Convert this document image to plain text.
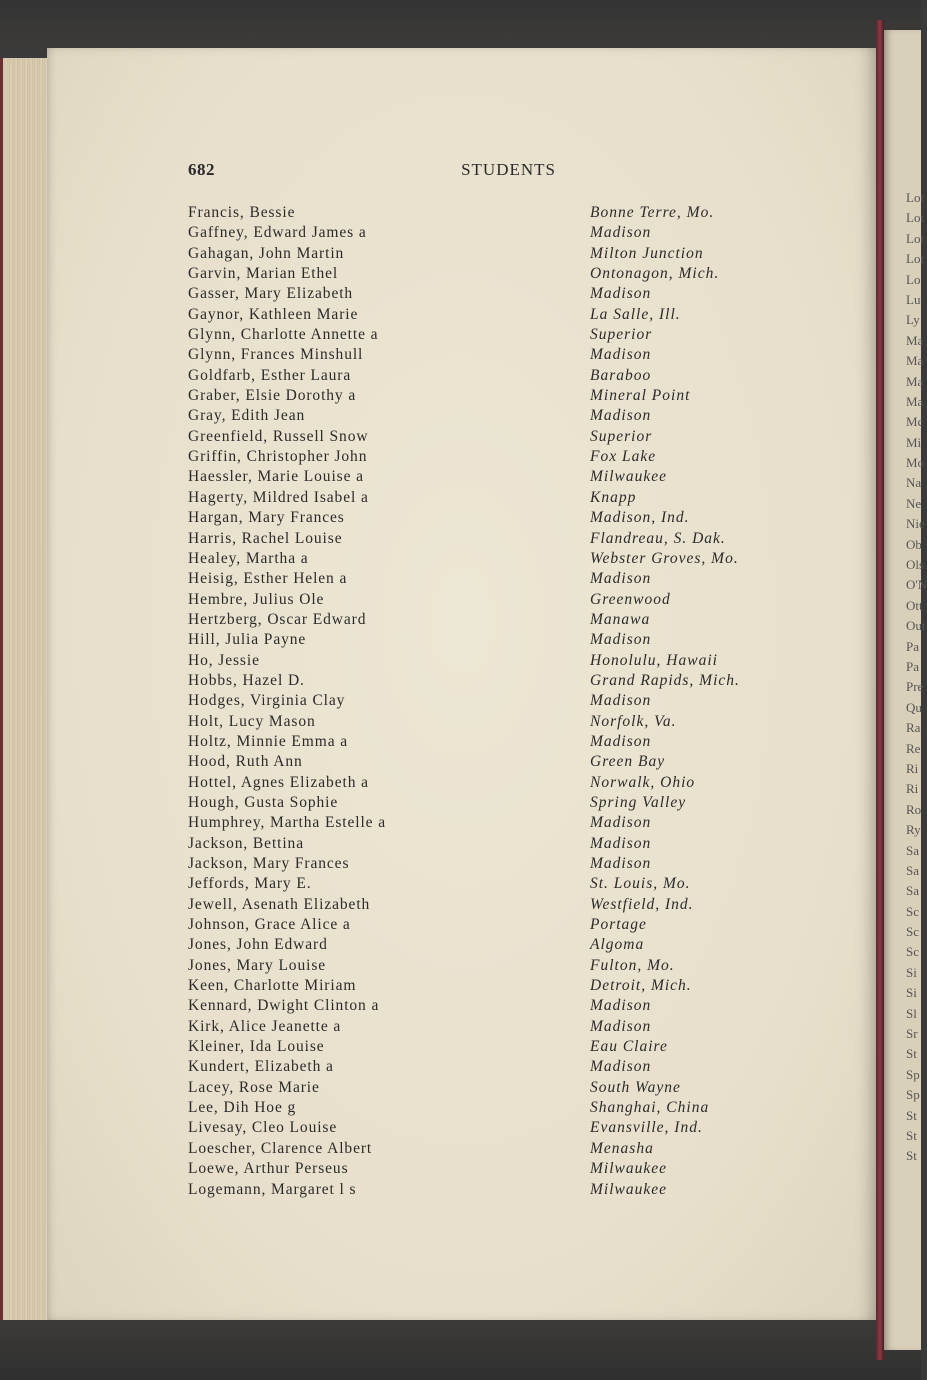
Lot
Lot
Lot
Lot
Lo
Lu
Ly
Ma
Ma
Ma
Ma
Mc
Mi
Mo
Na
Ne
Nie
Ob
Ols
O'N
Ott
Out
Pa
Pa
Pre
Qu
Ra
Re
Ri
Ri
Ro
Ry
Sa
Sa
Sa
Sc
Sc
Sc
Si
Si
Sl
Sr
St
Sp
Sp
St
St
St
682	STUDENTS
Francis, Bessie	Bonne Terre, Mo.
Gaffney, Edward James a	Madison
Gahagan, John Martin	Milton Junction
Garvin, Marian Ethel	Ontonagon, Mich.
Gasser, Mary Elizabeth	Madison
Gaynor, Kathleen Marie	La Salle, Ill.
Glynn, Charlotte Annette a	Superior
Glynn, Frances Minshull	Madison
Goldfarb, Esther Laura	Baraboo
Graber, Elsie Dorothy a	Mineral Point
Gray, Edith Jean	Madison
Greenfield, Russell Snow	Superior
Griffin, Christopher John	Fox Lake
Haessler, Marie Louise a	Milwaukee
Hagerty, Mildred Isabel a	Knapp
Hargan, Mary Frances	Madison, Ind.
Harris, Rachel Louise	Flandreau, S. Dak.
Healey, Martha a	Webster Groves, Mo.
Heisig, Esther Helen a	Madison
Hembre, Julius Ole	Greenwood
Hertzberg, Oscar Edward	Manawa
Hill, Julia Payne	Madison
Ho, Jessie	Honolulu, Hawaii
Hobbs, Hazel D.	Grand Rapids, Mich.
Hodges, Virginia Clay	Madison
Holt, Lucy Mason	Norfolk, Va.
Holtz, Minnie Emma a	Madison
Hood, Ruth Ann	Green Bay
Hottel, Agnes Elizabeth a	Norwalk, Ohio
Hough, Gusta Sophie	Spring Valley
Humphrey, Martha Estelle a	Madison
Jackson, Bettina	Madison
Jackson, Mary Frances	Madison
Jeffords, Mary E.	St. Louis, Mo.
Jewell, Asenath Elizabeth	Westfield, Ind.
Johnson, Grace Alice a	Portage
Jones, John Edward	Algoma
Jones, Mary Louise	Fulton, Mo.
Keen, Charlotte Miriam	Detroit, Mich.
Kennard, Dwight Clinton a	Madison
Kirk, Alice Jeanette a	Madison
Kleiner, Ida Louise	Eau Claire
Kundert, Elizabeth a	Madison
Lacey, Rose Marie	South Wayne
Lee, Dih Hoe g	Shanghai, China
Livesay, Cleo Louise	Evansville, Ind.
Loescher, Clarence Albert	Menasha
Loewe, Arthur Perseus	Milwaukee
Logemann, Margaret l s	Milwaukee
